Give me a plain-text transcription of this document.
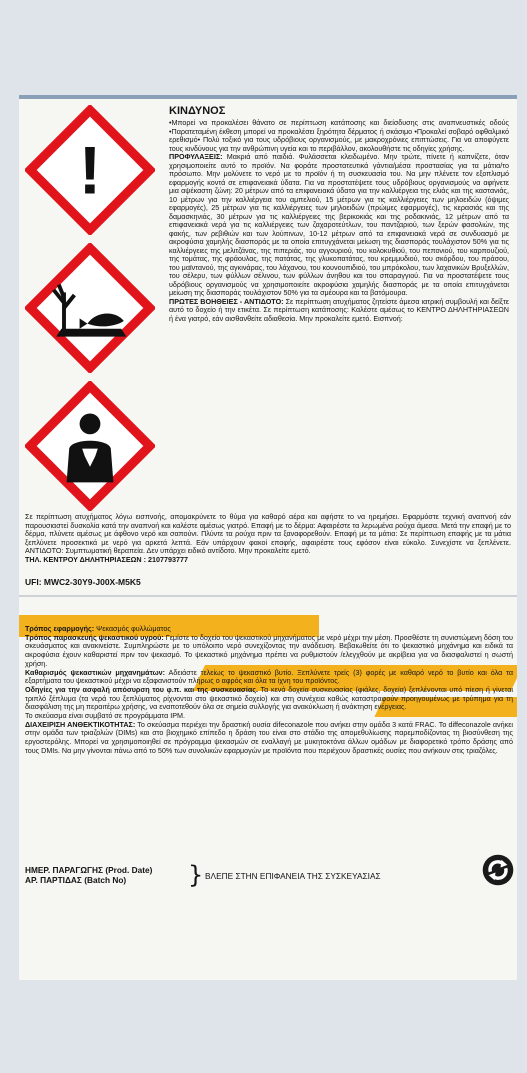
!
ΚΙΝΔΥΝΟΣ

•Μπορεί να προκαλέσει θάνατο σε περίπτωση κατάποσης και διείσδυσης στις αναπνευστικές οδούς •Παρατεταμένη έκθεση μπορεί να προκαλέσει ξηρότητα δέρματος ή σκάσιμο •Προκαλεί σοβαρό οφθαλμικό ερεθισμό• Πολύ τοξικό για τους υδρόβιους οργανισμούς, με μακροχρόνιες επιπτώσεις. Για να αποφύγετε τους κινδύνους για την ανθρώπινη υγεία και το περιβάλλον, ακολουθήστε τις οδηγίες χρήσης.

ΠΡΟΦΥΛΑΞΕΙΣ: Μακριά από παιδιά. Φυλάσσεται κλειδωμένο. Μην τρώτε, πίνετε ή καπνίζετε, όταν χρησιμοποιείτε αυτό το προϊόν. Να φοράτε προστατευτικά γάντια/μέσα προστασίας για τα μάτια/το πρόσωπο. Μην μολύνετε το νερό με το προϊόν ή τη συσκευασία του. Να μην πλένετε τον εξοπλισμό εφαρμογής κοντά σε επιφανειακά ύδατα. Για να προστατέψετε τους υδρόβιους οργανισμούς να αφήνετε μια αψέκαστη ζώνη: 20 μέτρων από τα επιφανειακά ύδατα για την καλλιέργεια της ελιάς και της καστανιάς, 10 μέτρων για την καλλιέργεια του αμπελιού, 15 μέτρων για τις καλλιέργειες των μηλοειδών (όψιμες εφαρμογές), 25 μέτρων για τις καλλιέργειες των μηλοειδών (πρώιμες εφαρμογές), τις κερασιάς και της δαμασκηνιάς, 30 μέτρων για τις καλλιέργειες της βερικοκιάς και της ροδακινιάς, 12 μέτρων από τα επιφανειακά νερά για τις καλλιέργειες των ζαχαροτεύτλων, του παντζαριού, των ξερών φασολιών, της φακής, των ρεβιθιών και των λούπινων, 10-12 μέτρων από τα επιφανειακά νερά σε συνδυασμό με ακροφύσια χαμηλής διασποράς με τα οποία επιτυγχάνεται μείωση της διασποράς τουλάχιστον 50% για τις καλλιέργειες της μελιτζάνας, της πιπεριάς, του αγγουριού, του κολοκυθιού, του πεπονιού, του καρπουζιού, της τομάτας, της φράουλας, της πατάτας, της γλυκοπατάτας, του κρεμμυδιού, του σκόρδου, του πράσου, του μαϊντανού, της αγκινάρας, του λάχανου, του κουνουπιδιού, του μπρόκολου, των λαχανικών Βρυξελλών, του σέλερυ, των φύλλων σέλινου, των φύλλων άνηθου και του σπαραγγιού. Για να προστατέψετε τους υδρόβιους οργανισμούς να χρησιμοποιείτε ακροφύσια χαμηλής διασποράς με τα οποία επιτυγχάνεται μείωση της διασποράς τουλάχιστον 50% για τα σμέουρα και τα βατόμουρα.

ΠΡΩΤΕΣ ΒΟΗΘΕΙΕΣ - ΑΝΤΙΔΟΤΟ: Σε περίπτωση ατυχήματος ζητείστε άμεσα ιατρική συμβουλή και δείξτε αυτό το δοχείο ή την ετικέτα. Σε περίπτωση κατάποσης: Καλέστε αμέσως το ΚΕΝΤΡΟ ΔΗΛΗΤΗΡΙΑΣΕΩΝ ή ένα γιατρό, εάν αισθανθείτε αδιαθεσία. Μην προκαλείτε εμετό. Εισπνοή:

Σε περίπτωση ατυχήματος λόγω εισπνοής, απομακρύνετε το θύμα για καθαρό αέρα και αφήστε το να ηρεμήσει. Εφαρμόστε τεχνική αναπνοή εάν παρουσιαστεί δυσκολία κατά την αναπνοή και καλέστε αμέσως γιατρό. Επαφή με το δέρμα: Αφαιρέστε τα λερωμένα ρούχα άμεσα. Μετά την επαφή με το δέρμα, πλύνετε αμέσως με άφθονο νερό και σαπούνι. Πλύντε τα ρούχα πριν τα ξαναφορεθούν. Επαφή με τα μάτια: Σε περίπτωση επαφής με τα μάτια ξεπλύνετε προσεκτικά με νερό για αρκετά λεπτά. Εάν υπάρχουν φακοί επαφής, αφαιρέστε τους εφόσον είναι εύκολο. Συνεχίστε να ξεπλένετε. ΑΝΤΙΔΟΤΟ: Συμπτωματική θεραπεία. Δεν υπάρχει ειδικό αντίδοτο. Μην προκαλείτε εμετό.

ΤΗΛ. ΚΕΝΤΡΟΥ ΔΗΛΗΤΗΡΙΑΣΕΩΝ : 2107793777

UFI: MWC2-30Y9-J00X-M5K5

Τρόπος εφαρμογής: Ψεκασμός φυλλώματος

Τρόπος παρασκευής ψεκαστικού υγρού: Γεμίστε το δοχείο του ψεκαστικού μηχανήματος με νερό μέχρι την μέση. Προσθέστε τη συνιστώμενη δόση του σκευάσματος και ανακινείστε. Συμπληρώστε με το υπόλοιπο νερό συνεχίζοντας την ανάδευση. Βεβαιωθείτε ότι το ψεκαστικό μηχάνημα και ειδικά τα ακροφύσια έχουν καθαριστεί πριν τον ψεκασμό. Το ψεκαστικό μηχάνημα πρέπει να ρυθμιστούν /ελεγχθούν με ακρίβεια για να διασφαλιστεί η σωστή χρήση.

Καθαρισμός ψεκαστικών μηχανημάτων: Αδειάστε τελείως το ψεκαστικό βυτίο. Ξεπλύνετε τρείς (3) φορές με καθαρό νερό το βυτίο και όλα τα εξαρτήματα του ψεκαστικού μέχρι να εξαφανιστούν πλήρως ο αφρός και όλα τα ίχνη του προϊόντος.

Οδηγίες για την ασφαλή απόσυρση του φ.π. και της συσκευασίας. Τα κενά δοχεία συσκευασίας (φιάλες, δοχεία) ξεπλένονται υπό πίεση ή γίνεται τριπλό ξέπλυμα (τα νερά του ξεπλύματος ρίχνονται στο ψεκαστικό δοχείο) και στη συνέχεια καθώς καταστραφούν προηγουμένως με τρύπημα για τη διασφάλιση της μη περαιτέρω χρήσης, να εναποτεθούν όλα σε σημεία συλλογής για ανακύκλωση ή ανάκτηση ενέργειας.

Το σκεύασμα είναι συμβατό σε προγράμματα IPM.

ΔΙΑΧΕΙΡΙΣΗ ΑΝΘΕΚΤΙΚΟΤΗΤΑΣ: Το σκεύασμα περιέχει την δραστική ουσία difeconazole που ανήκει στην ομάδα 3 κατά FRAC. Το diffeconazole ανήκει στην ομάδα των τριαζολών (DIMs) και στο βιοχημικό επίπεδο η δράση του είναι στο στάδιο της απομεθυλίωσης παρεμποδίζοντας τη βιοσύνθεση της εργοστερόλης. Μπορεί να χρησιμοποιηθεί σε πρόγραμμα ψεκασμών σε εναλλαγή με μυκητοκτόνα άλλων ομάδων με διαφορετικό τρόπο δράσης από τους DMIs. Να μην γίνονται πάνω από το 50% των συνολικών εφαρμογών με προϊόντα που περιέχουν δραστικές ουσίες που ανήκουν στις τριαζόλες.

ΗΜΕΡ. ΠΑΡΑΓΩΓΗΣ (Prod. Date)
ΑΡ. ΠΑΡΤΙΔΑΣ (Batch No)	} ΒΛΕΠΕ ΣΤΗΝ ΕΠΙΦΑΝΕΙΑ ΤΗΣ ΣΥΣΚΕΥΑΣΙΑΣ
